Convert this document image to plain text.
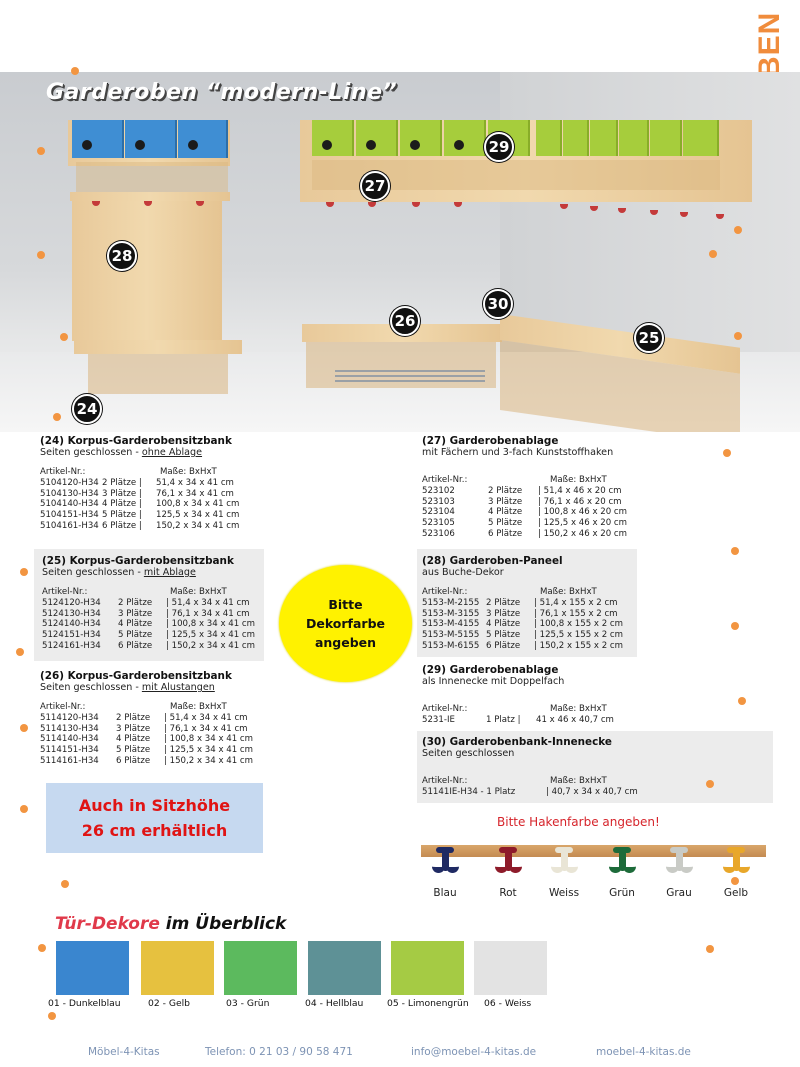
24
25
26
27
28
29
30
Garderoben “modern-Line”
(24) Korpus-Garderobensitzbank
Seiten geschlossen - ohne Ablage
Artikel-Nr.:	Maße: BxHxT
5104120-H34 2 Plätze |	51,4 x 34 x 41 cm
5104130-H34 3 Plätze |	76,1 x 34 x 41 cm
5104140-H34 4 Plätze |	100,8 x 34 x 41 cm
5104151-H34 5 Plätze |	125,5 x 34 x 41 cm
5104161-H34 6 Plätze |	150,2 x 34 x 41 cm
(25) Korpus-Garderobensitzbank
Seiten geschlossen - mit Ablage
Artikel-Nr.:	Maße: BxHxT
5124120-H34	2 Plätze	| 51,4 x 34 x 41 cm
5124130-H34	3 Plätze	| 76,1 x 34 x 41 cm
5124140-H34	4 Plätze	| 100,8 x 34 x 41 cm
5124151-H34	5 Plätze	| 125,5 x 34 x 41 cm
5124161-H34	6 Plätze	| 150,2 x 34 x 41 cm
(26) Korpus-Garderobensitzbank
Seiten geschlossen - mit Alustangen
Artikel-Nr.:	Maße: BxHxT
5114120-H34	2 Plätze	| 51,4 x 34 x 41 cm
5114130-H34	3 Plätze	| 76,1 x 34 x 41 cm
5114140-H34	4 Plätze	| 100,8 x 34 x 41 cm
5114151-H34	5 Plätze	| 125,5 x 34 x 41 cm
5114161-H34	6 Plätze	| 150,2 x 34 x 41 cm
(27) Garderobenablage
mit Fächern und 3-fach Kunststoffhaken
Artikel-Nr.:	Maße: BxHxT
523102	2 Plätze	| 51,4 x 46 x 20 cm
523103	3 Plätze	| 76,1 x 46 x 20 cm
523104	4 Plätze	| 100,8 x 46 x 20 cm
523105	5 Plätze	| 125,5 x 46 x 20 cm
523106	6 Plätze	| 150,2 x 46 x 20 cm
(28) Garderoben-Paneel
aus Buche-Dekor
Artikel-Nr.:	Maße: BxHxT
5153-M-2155 2 Plätze	| 51,4 x 155 x 2 cm
5153-M-3155 3 Plätze	| 76,1 x 155 x 2 cm
5153-M-4155 4 Plätze	| 100,8 x 155 x 2 cm
5153-M-5155 5 Plätze	| 125,5 x 155 x 2 cm
5153-M-6155 6 Plätze	| 150,2 x 155 x 2 cm
(29) Garderobenablage
als Innenecke mit Doppelfach
Artikel-Nr.:	Maße: BxHxT
5231-IE	1 Platz |	41 x 46 x 40,7 cm
(30) Garderobenbank-Innenecke
Seiten geschlossen
Artikel-Nr.:	Maße: BxHxT
51141IE-H34 - 1 Platz	| 40,7 x 34 x 40,7 cm
Bitte
Dekorfarbe
angeben
Auch in Sitzhöhe
26 cm erhältlich	Bitte Hakenfarbe angeben!
Blau	Rot	Weiss	Grün	Grau	Gelb
Tür-Dekore im Überblick
01 - Dunkelblau	02 - Gelb	03 - Grün	04 - Hellblau	05 - Limonengrün 06 - Weiss
Möbel-4-Kitas	Telefon: 0 21 03 / 90 58 471	info@moebel-4-kitas.de	moebel-4-kitas.de
